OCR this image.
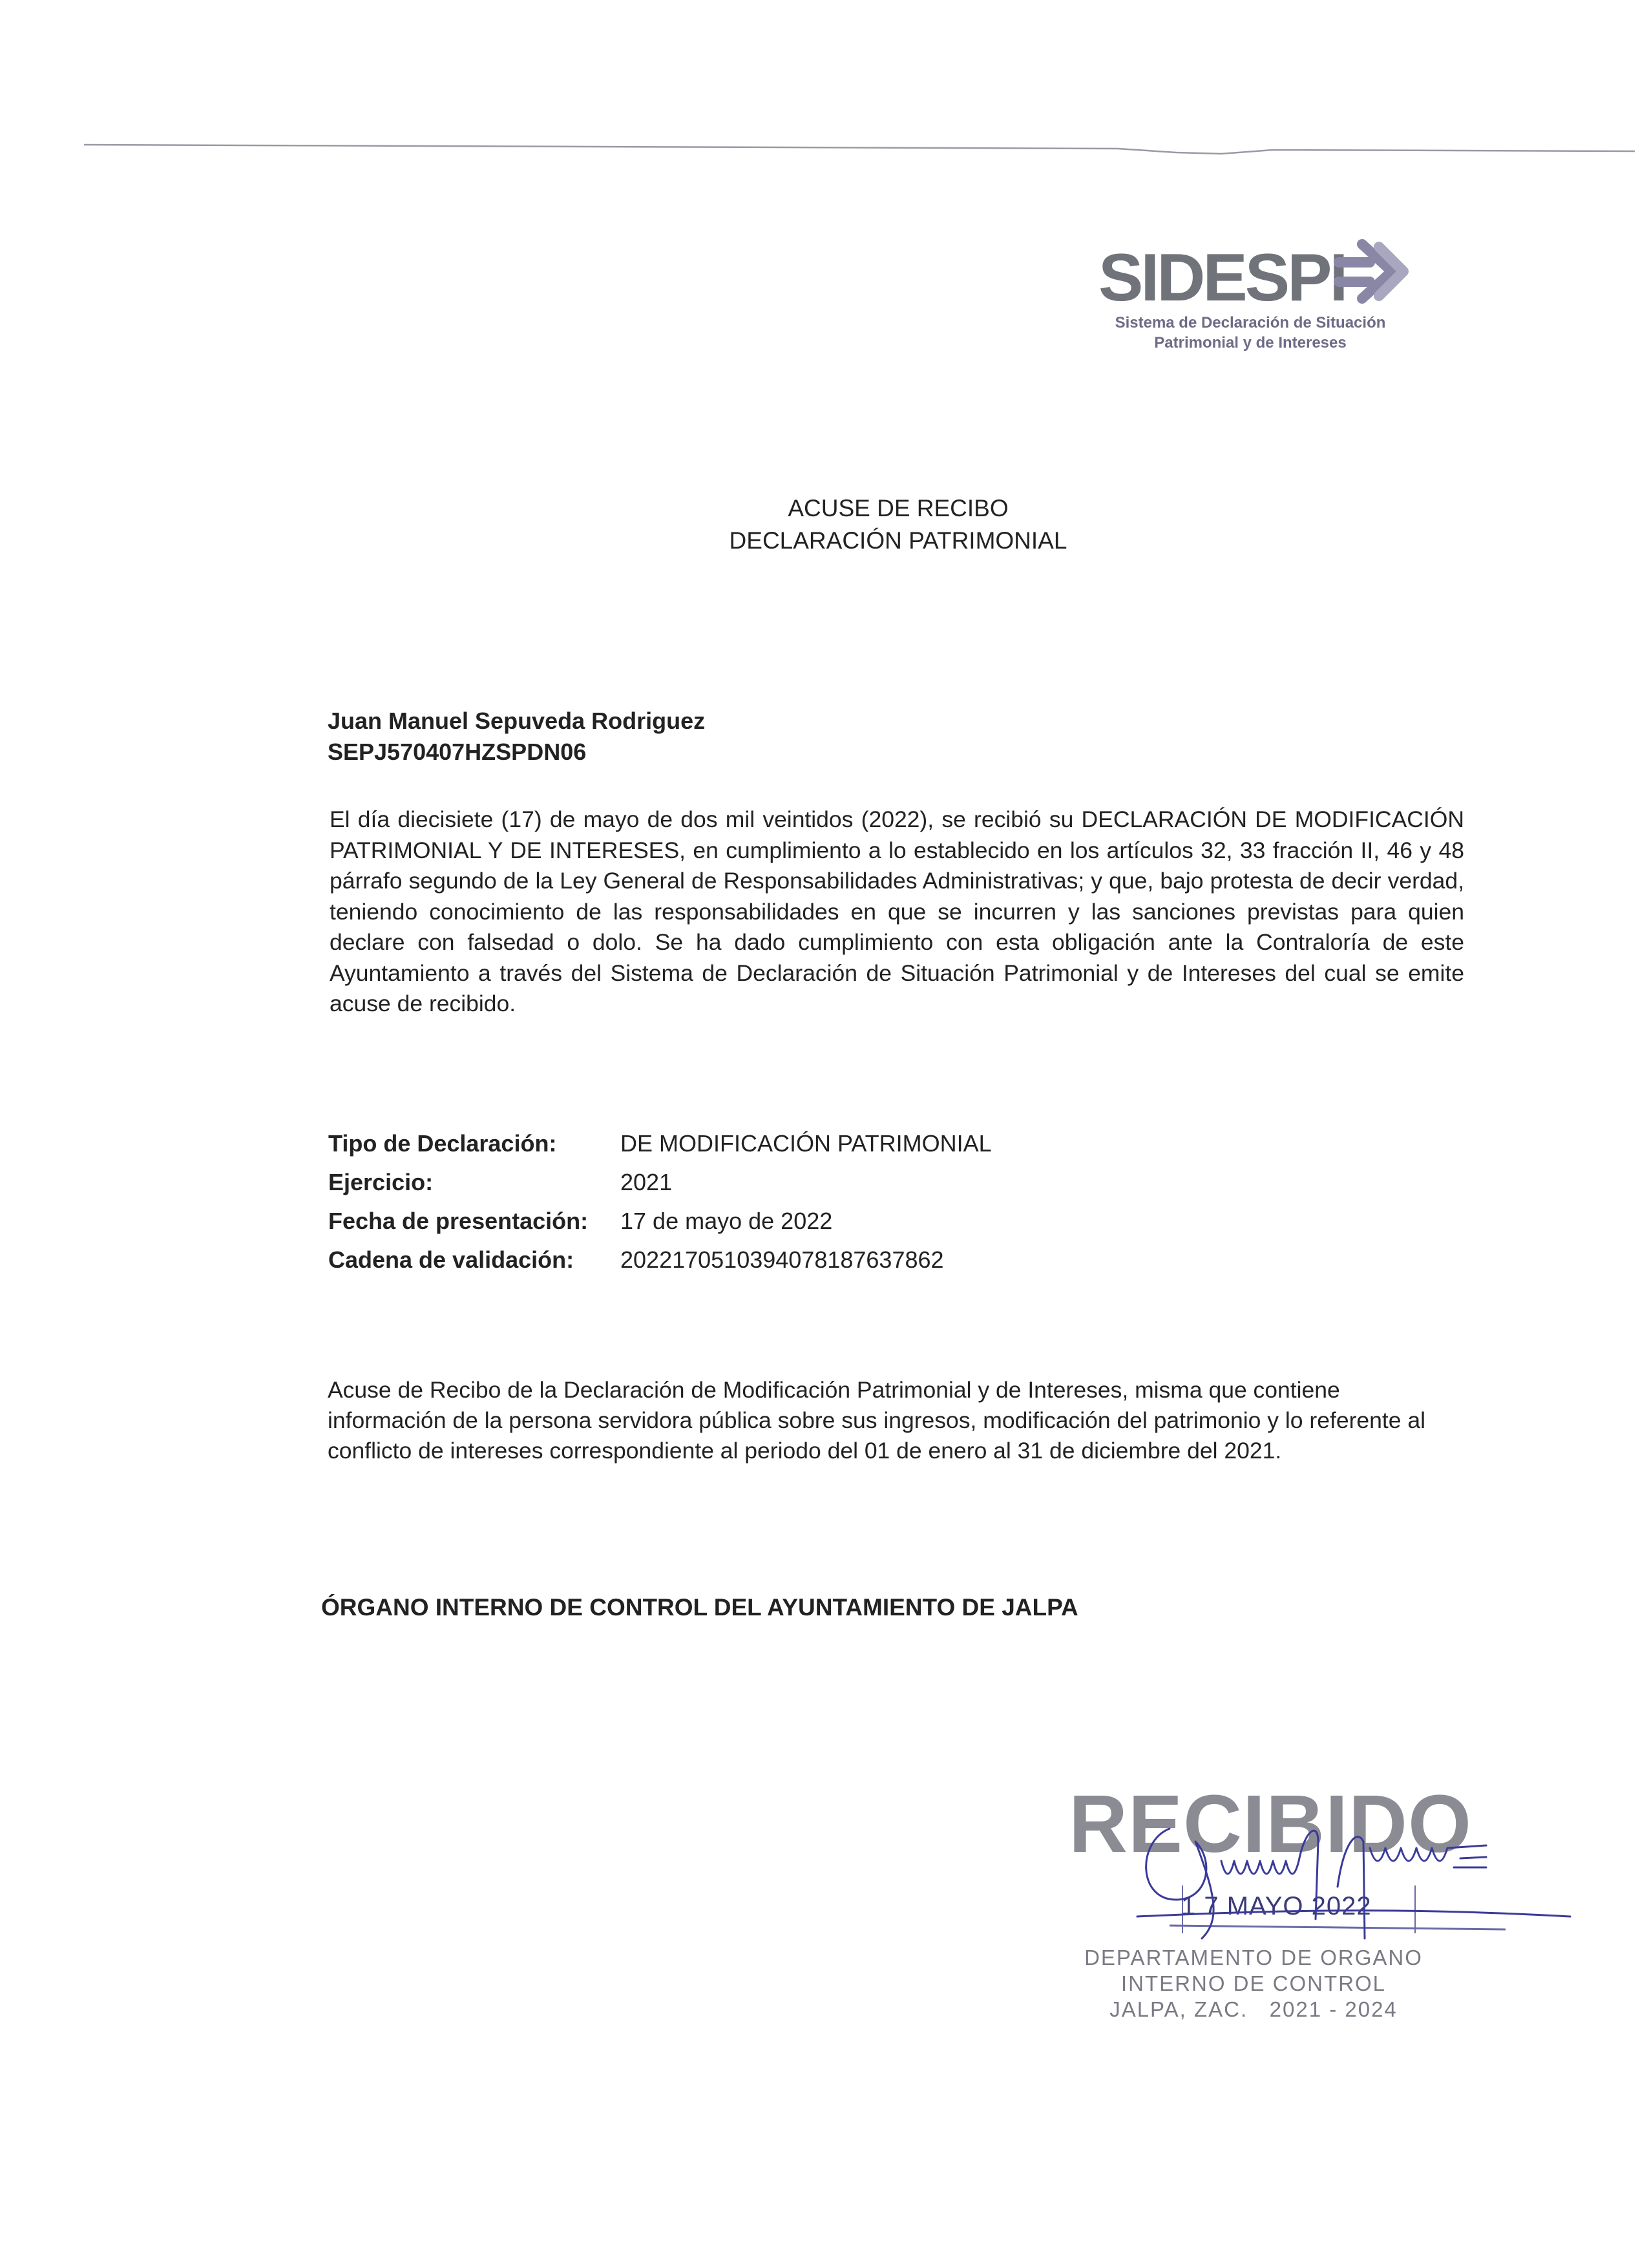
SIDESPI
Sistema de Declaración de Situación
Patrimonial y de Intereses
ACUSE DE RECIBO
DECLARACIÓN PATRIMONIAL
Juan Manuel Sepuveda Rodriguez
SEPJ570407HZSPDN06
El día diecisiete (17) de mayo de dos mil veintidos (2022), se recibió su DECLARACIÓN DE MODIFICACIÓN PATRIMONIAL Y DE INTERESES, en cumplimiento a lo establecido en los artículos 32, 33 fracción II, 46 y 48 párrafo segundo de la Ley General de Responsabilidades Administrativas; y que, bajo protesta de decir verdad, teniendo conocimiento de las responsabilidades en que se incurren y las sanciones previstas para quien declare con falsedad o dolo. Se ha dado cumplimiento con esta obligación ante la Contraloría de este Ayuntamiento a través del Sistema de Declaración de Situación Patrimonial y de Intereses del cual se emite acuse de recibido.
Tipo de Declaración:	DE MODIFICACIÓN PATRIMONIAL
Ejercicio:	2021
Fecha de presentación:	17 de mayo de 2022
Cadena de validación:	20221705103940781876378​62
Acuse de Recibo de la Declaración de Modificación Patrimonial y de Intereses, misma que contiene información de la persona servidora pública sobre sus ingresos, modificación del patrimonio y lo referente al conflicto de intereses correspondiente al periodo del 01 de enero al 31 de diciembre del 2021.
ÓRGANO INTERNO DE CONTROL DEL AYUNTAMIENTO DE JALPA
RECIBIDO
1 7 MAYO 2022
DEPARTAMENTO DE ORGANO
INTERNO DE CONTROL
JALPA, ZAC.   2021 - 2024
